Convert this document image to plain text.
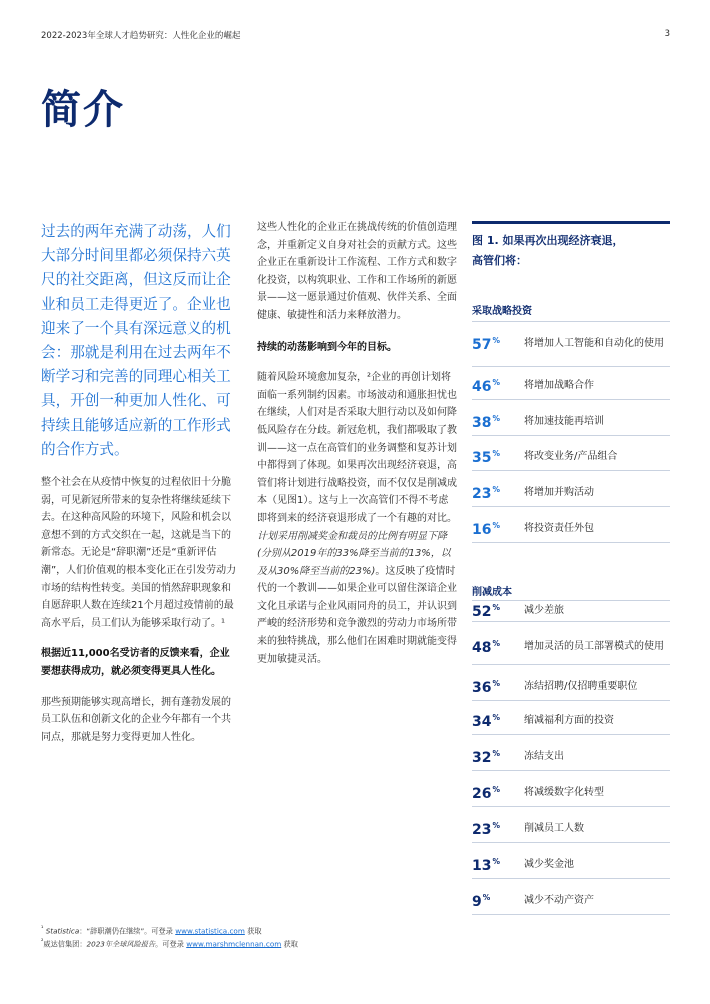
2022-2023年全球人才趋势研究：人性化企业的崛起	3
简介

过去的两年充满了动荡，人们大部分时间里都必须保持六英尺的社交距离，但这反而让企业和员工走得更近了。企业也迎来了一个具有深远意义的机会：那就是利用在过去两年不断学习和完善的同理心相关工具，开创一种更加人性化、可持续且能够适应新的工作形式的合作方式。

整个社会在从疫情中恢复的过程依旧十分脆弱，可见新冠所带来的复杂性将继续延续下去。在这种高风险的环境下，风险和机会以意想不到的方式交织在一起，这就是当下的新常态。无论是“辞职潮”还是“重新评估潮”，人们价值观的根本变化正在引发劳动力市场的结构性转变。美国的悄然辞职现象和自愿辞职人数在连续21个月超过疫情前的最高水平后，员工们认为能够采取行动了。¹

根据近11,000名受访者的反馈来看，企业要想获得成功，就必须变得更具人性化。

那些预期能够实现高增长，拥有蓬勃发展的员工队伍和创新文化的企业今年都有一个共同点，那就是努力变得更加人性化。

这些人性化的企业正在挑战传统的价值创造理念，并重新定义自身对社会的贡献方式。这些企业正在重新设计工作流程、工作方式和数字化投资，以构筑职业、工作和工作场所的新愿景——这一愿景通过价值观、伙伴关系、全面健康、敏捷性和活力来释放潜力。

持续的动荡影响到今年的目标。

随着风险环境愈加复杂，²企业的再创计划将面临一系列制约因素。市场波动和通胀担忧也在继续，人们对是否采取大胆行动以及如何降低风险存在分歧。新冠危机，我们都吸取了教训——这一点在高管们的业务调整和复苏计划中都得到了体现。如果再次出现经济衰退，高管们将计划进行战略投资，而不仅仅是削减成本（见图1）。这与上一次高管们不得不考虑即将到来的经济衰退形成了一个有趣的对比。计划采用削减奖金和裁员的比例有明显下降(分别从2019年的33%降至当前的13%，以及从30%降至当前的23%)。这反映了疫情时代的一个教训——如果企业可以留住深谙企业文化且承诺与企业风雨同舟的员工，并认识到严峻的经济形势和竞争激烈的劳动力市场所带来的独特挑战，那么他们在困难时期就能变得更加敏捷灵活。

图 1. 如果再次出现经济衰退，
高管们将：
采取战略投资
削减成本
57%	将增加人工智能和自动化的使用
46%	将增加战略合作
38%	将加速技能再培训
35%	将改变业务/产品组合
23%	将增加并购活动
16%	将投资责任外包
52%	减少差旅
48%	增加灵活的员工部署模式的使用
36%	冻结招聘/仅招聘重要职位
34%	缩减福利方面的投资
32%	冻结支出
26%	将减缓数字化转型
23%	削减员工人数
13%	减少奖金池
9%	减少不动产资产
$^{^1}$ Statistica：“辞职潮仍在继续”。可登录 www.statistica.com 获取
$^{^2}$威达信集团：2023年全球风险报告。可登录 www.marshmclennan.com 获取
